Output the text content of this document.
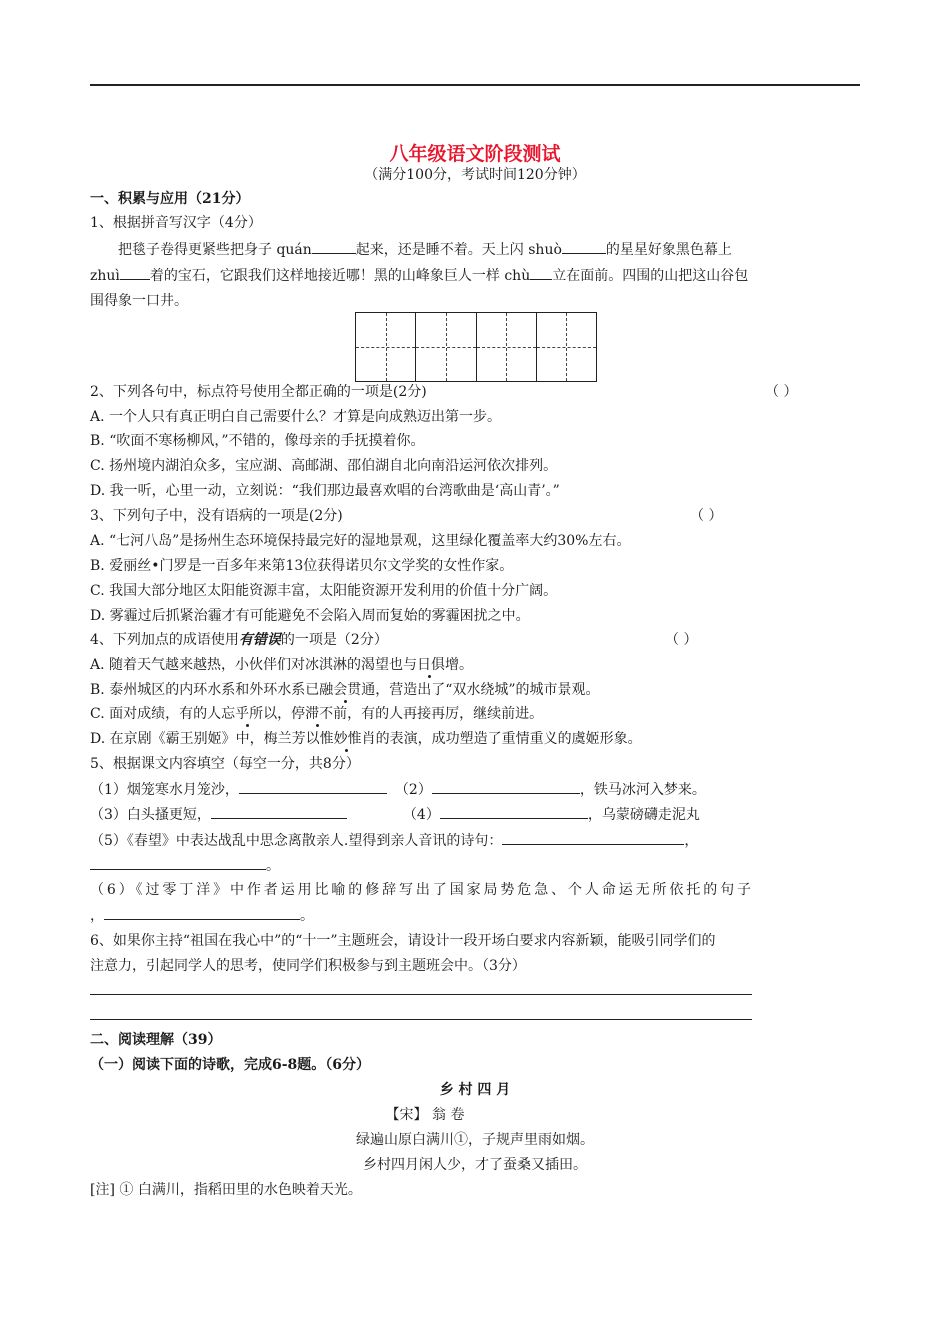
八年级语文阶段测试
（满分100分，考试时间120分钟）
一、积累与应用（21分）
1、根据拼音写汉字（4分）
把毯子卷得更紧些把身子 quán	起来，还是睡不着。天上闪 shuò	的星星好象黑色幕上
zhuì 着的宝石，它跟我们这样地接近哪！黑的山峰象巨人一样 chù 立在面前。四围的山把这山谷包
围得象一口井。
2、下列各句中，标点符号使用全都正确的一项是(2分)	（ ）
A. 一个人只有真正明白自己需要什么？才算是向成熟迈出第一步。
B. “吹面不寒杨柳风，”不错的，像母亲的手抚摸着你。
C. 扬州境内湖泊众多，宝应湖、高邮湖、邵伯湖自北向南沿运河依次排列。
D. 我一听，心里一动，立刻说：“我们那边最喜欢唱的台湾歌曲是‘高山青’。”
3、下列句子中，没有语病的一项是(2分)	（ ）
A. “七河八岛”是扬州生态环境保持最完好的湿地景观，这里绿化覆盖率大约30%左右。
B. 爱丽丝•门罗是一百多年来第13位获得诺贝尔文学奖的女性作家。
C. 我国大部分地区太阳能资源丰富，太阳能资源开发利用的价值十分广阔。
D. 雾霾过后抓紧治霾才有可能避免不会陷入周而复始的雾霾困扰之中。
4、下列加点的成语使用有错误的一项是（2分）	（ ）
A. 随着天气越来越热，小伙伴们对冰淇淋的渴望也与日俱增。
B. 泰州城区的内环水系和外环水系已融会贯通，营造出了“双水绕城”的城市景观。
C. 面对成绩，有的人忘乎所以，停滞不前，有的人再接再厉，继续前进。
D. 在京剧《霸王别姬》中，梅兰芳以惟妙惟肖的表演，成功塑造了重情重义的虞姬形象。
5、根据课文内容填空（每空一分，共8分）
（1）烟笼寒水月笼沙，	（2）	，铁马冰河入梦来。
（3）白头搔更短，	（4）	，乌蒙磅礴走泥丸
（5）《春望》中表达战乱中思念离散亲人.望得到亲人音讯的诗句：	，
。
（6）《过零丁洋》中作者运用比喻的修辞写出了国家局势危急、个人命运无所依托的句子
，	。
6、如果你主持“祖国在我心中”的“十一”主题班会，请设计一段开场白要求内容新颖，能吸引同学们的
注意力，引起同学人的思考，使同学们积极参与到主题班会中。（3分）
二、阅读理解（39）
（一）阅读下面的诗歌，完成6-8题。（6分）
乡 村 四 月
【宋】 翁 卷
绿遍山原白满川①，子规声里雨如烟。
乡村四月闲人少，才了蚕桑又插田。
[注] ① 白满川，指稻田里的水色映着天光。
